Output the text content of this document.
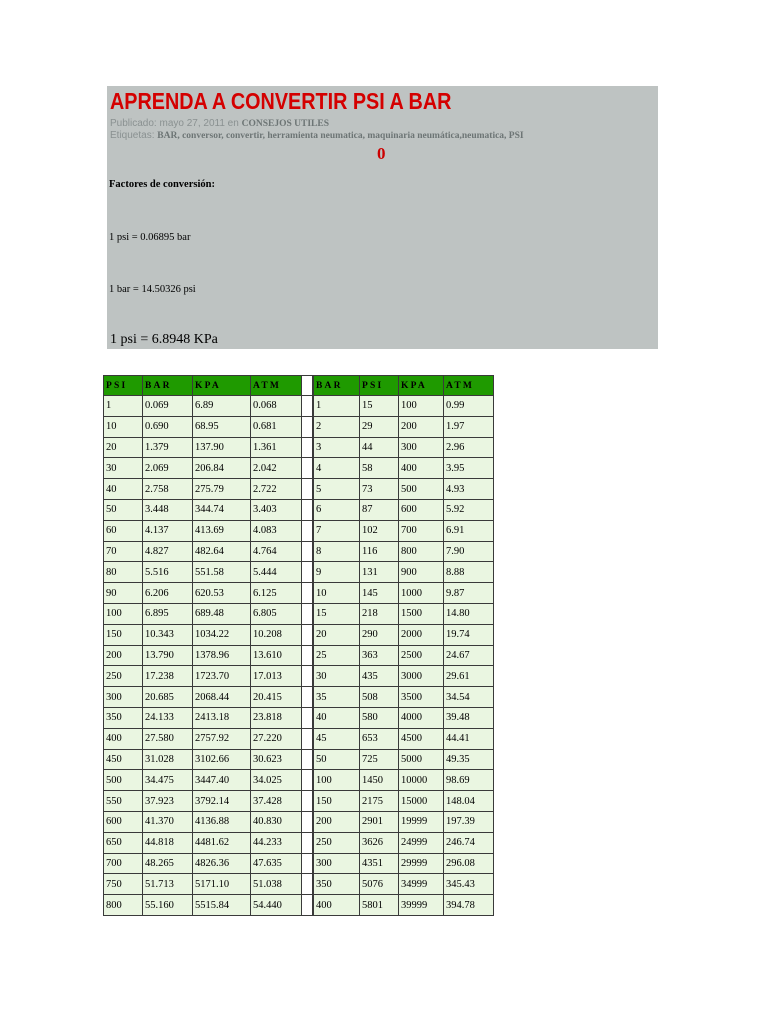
APRENDA A CONVERTIR PSI A BAR
Publicado: mayo 27, 2011 en CONSEJOS UTILES
Etiquetas: BAR, conversor, convertir, herramienta neumatica, maquinaria neumática,neumatica, PSI
0
Factores de conversión:
1 psi = 0.06895 bar
1 bar = 14.50326 psi
1 psi = 6.8948 KPa
PSI	BAR	KPA	ATM
1	0.069	6.89	0.068
10	0.690	68.95	0.681
20	1.379	137.90	1.361
30	2.069	206.84	2.042
40	2.758	275.79	2.722
50	3.448	344.74	3.403
60	4.137	413.69	4.083
70	4.827	482.64	4.764
80	5.516	551.58	5.444
90	6.206	620.53	6.125
100	6.895	689.48	6.805
150	10.343	1034.22	10.208
200	13.790	1378.96	13.610
250	17.238	1723.70	17.013
300	20.685	2068.44	20.415
350	24.133	2413.18	23.818
400	27.580	2757.92	27.220
450	31.028	3102.66	30.623
500	34.475	3447.40	34.025
550	37.923	3792.14	37.428
600	41.370	4136.88	40.830
650	44.818	4481.62	44.233
700	48.265	4826.36	47.635
750	51.713	5171.10	51.038
800	55.160	5515.84	54.440

BAR	PSI	KPA	ATM
1	15	100	0.99
2	29	200	1.97
3	44	300	2.96
4	58	400	3.95
5	73	500	4.93
6	87	600	5.92
7	102	700	6.91
8	116	800	7.90
9	131	900	8.88
10	145	1000	9.87
15	218	1500	14.80
20	290	2000	19.74
25	363	2500	24.67
30	435	3000	29.61
35	508	3500	34.54
40	580	4000	39.48
45	653	4500	44.41
50	725	5000	49.35
100	1450	10000	98.69
150	2175	15000	148.04
200	2901	19999	197.39
250	3626	24999	246.74
300	4351	29999	296.08
350	5076	34999	345.43
400	5801	39999	394.78
